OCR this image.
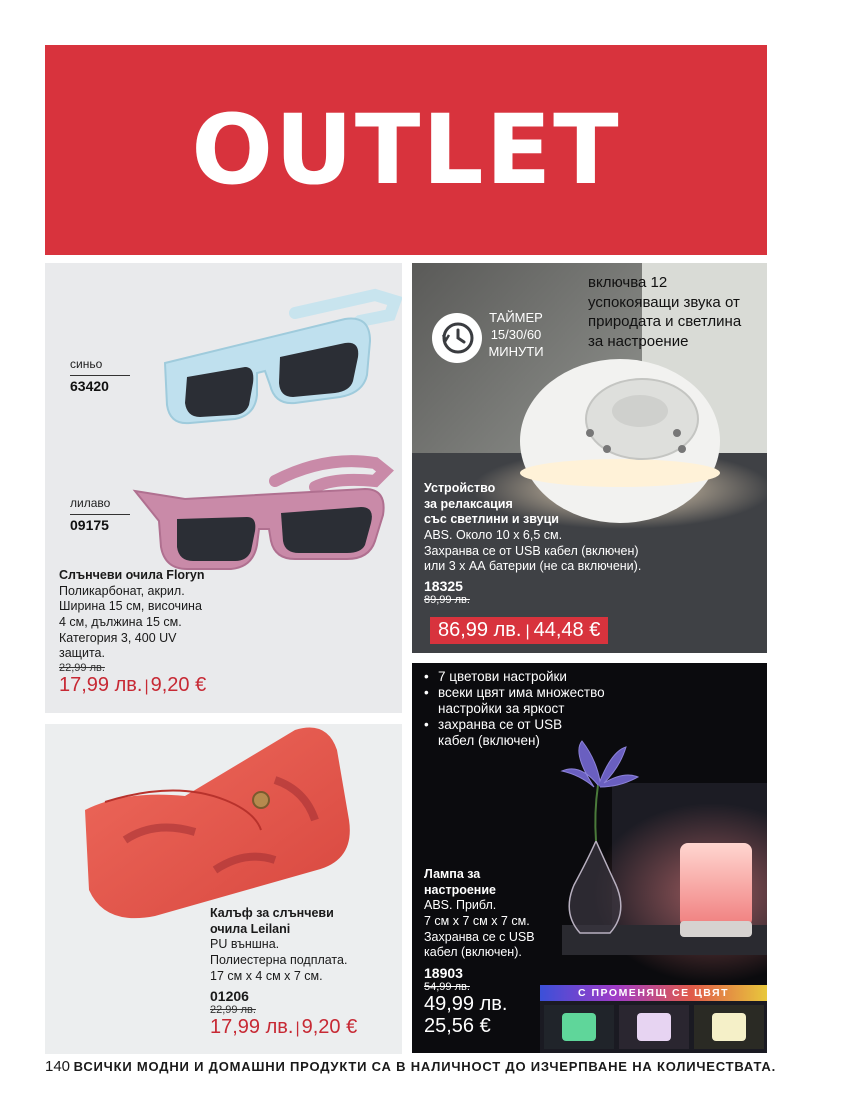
OUTLET
синьо
63420
лилаво
09175
Слънчеви очила Floryn
Поликарбонат, акрил.
Ширина 15 см, височина
4 см, дължина 15 см.
Категория 3, 400 UV
защита.
22,99 лв.
17,99 лв. | 9,20 €
ТАЙМЕР
15/30/60
МИНУТИ
включва 12
успокояващи звука от
природата и светлина
за настроение
Устройство
за релаксация
със светлини и звуци
ABS. Около 10 х 6,5 см.
Захранва се от USB кабел (включен)
или 3 х АА батерии (не са включени).
18325
89,99 лв.
86,99 лв. | 44,48 €
Калъф за слънчеви
очила Leilani
PU външна.
Полиестерна подплата.
17 см х 4 см х 7 см.
01206
22,99 лв.
17,99 лв. | 9,20 €
• 7 цветови настройки
• всеки цвят има множество
настройки за яркост
• захранва се от USB
кабел (включен)
Лампа за
настроение
ABS. Прибл.
7 см х 7 см х 7 см.
Захранва се с USB
кабел (включен).
18903
54,99 лв.
49,99 лв.
25,56 €
С ПРОМЕНЯЩ СЕ ЦВЯТ
140 ВСИЧКИ МОДНИ И ДОМАШНИ ПРОДУКТИ СА В НАЛИЧНОСТ ДО ИЗЧЕРПВАНЕ НА КОЛИЧЕСТВАТА.
